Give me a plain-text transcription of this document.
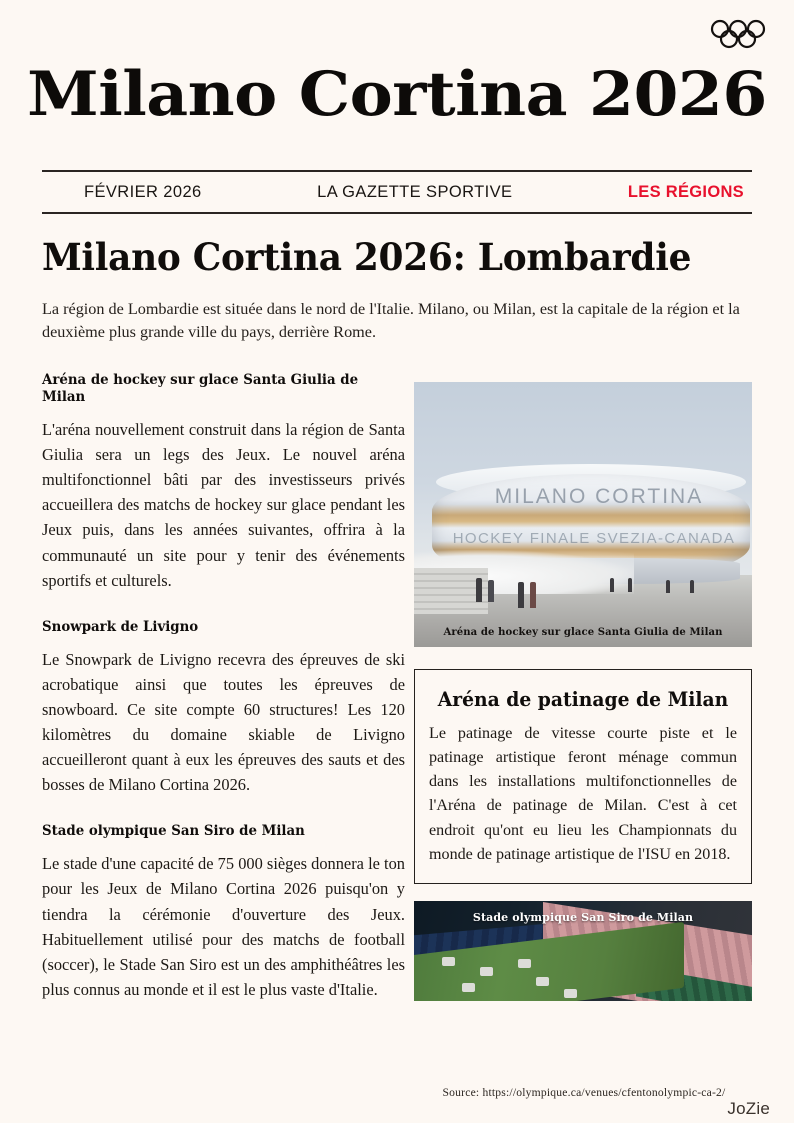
Milano Cortina 2026
FÉVRIER 2026	LA GAZETTE SPORTIVE	LES RÉGIONS
Milano Cortina 2026: Lombardie
La région de Lombardie est située dans le nord de l'Italie. Milano, ou Milan, est la capitale de la région et la deuxième plus grande ville du pays, derrière Rome.
Aréna de hockey sur glace Santa Giulia de Milan

L'aréna nouvellement construit dans la région de Santa Giulia sera un legs des Jeux. Le nouvel aréna multifonctionnel bâti par des investisseurs privés accueillera des matchs de hockey sur glace pendant les Jeux puis, dans les années suivantes, offrira à la communauté un site pour y tenir des événements sportifs et culturels.

Snowpark de Livigno

Le Snowpark de Livigno recevra des épreuves de ski acrobatique ainsi que toutes les épreuves de snowboard. Ce site compte 60 structures! Les 120 kilomètres du domaine skiable de Livigno accueilleront quant à eux les épreuves des sauts et des bosses de Milano Cortina 2026.

Stade olympique San Siro de Milan

Le stade d'une capacité de 75 000 sièges donnera le ton pour les Jeux de Milano Cortina 2026 puisqu'on y tiendra la cérémonie d'ouverture des Jeux. Habituellement utilisé pour des matchs de football (soccer), le Stade San Siro est un des amphithéâtres les plus connus au monde et il est le plus vaste d'Italie.

MILANO CORTINA
HOCKEY FINALE SVEZIA-CANADA
Aréna de hockey sur glace Santa Giulia de Milan
Aréna de patinage de Milan

Le patinage de vitesse courte piste et le patinage artistique feront ménage commun dans les installations multifonctionnelles de l'Aréna de patinage de Milan. C'est à cet endroit qu'ont eu lieu les Championnats du monde de patinage artistique de l'ISU en 2018.

Stade olympique San Siro de Milan
Source: https://olympique.ca/venues/cfentonolympic-ca-2/
JoZie
